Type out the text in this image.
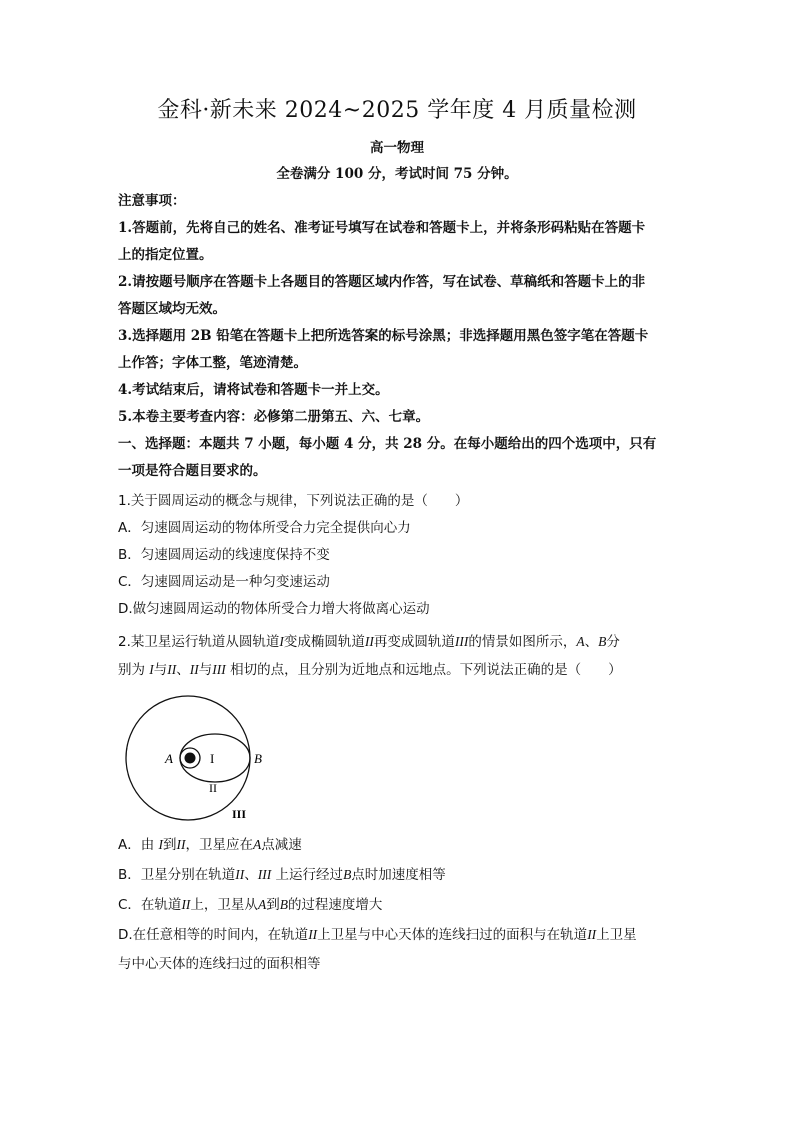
金科·新未来 2024~2025 学年度 4 月质量检测
高一物理
全卷满分 100 分，考试时间 75 分钟。
注意事项：
1.答题前，先将自己的姓名、准考证号填写在试卷和答题卡上，并将条形码粘贴在答题卡
上的指定位置。
2.请按题号顺序在答题卡上各题目的答题区域内作答，写在试卷、草稿纸和答题卡上的非
答题区域均无效。
3.选择题用 2B 铅笔在答题卡上把所选答案的标号涂黑；非选择题用黑色签字笔在答题卡
上作答；字体工整，笔迹清楚。
4.考试结束后，请将试卷和答题卡一并上交。
5.本卷主要考查内容：必修第二册第五、六、七章。
一、选择题：本题共 7 小题，每小题 4 分，共 28 分。在每小题给出的四个选项中，只有
一项是符合题目要求的。
1.关于圆周运动的概念与规律，下列说法正确的是（　　）
A．匀速圆周运动的物体所受合力完全提供向心力
B．匀速圆周运动的线速度保持不变
C．匀速圆周运动是一种匀变速运动
D.做匀速圆周运动的物体所受合力增大将做离心运动
2.某卫星运行轨道从圆轨道I变成椭圆轨道II再变成圆轨道III的情景如图所示，A、B分
别为 I与II、II与III 相切的点，且分别为近地点和远地点。下列说法正确的是（　　）
A	B
I
II
III
A．由 I到II，卫星应在A点减速
B．卫星分别在轨道II、III 上运行经过B点时加速度相等
C．在轨道II上，卫星从A到B的过程速度增大
D.在任意相等的时间内，在轨道II上卫星与中心天体的连线扫过的面积与在轨道II上卫星
与中心天体的连线扫过的面积相等
